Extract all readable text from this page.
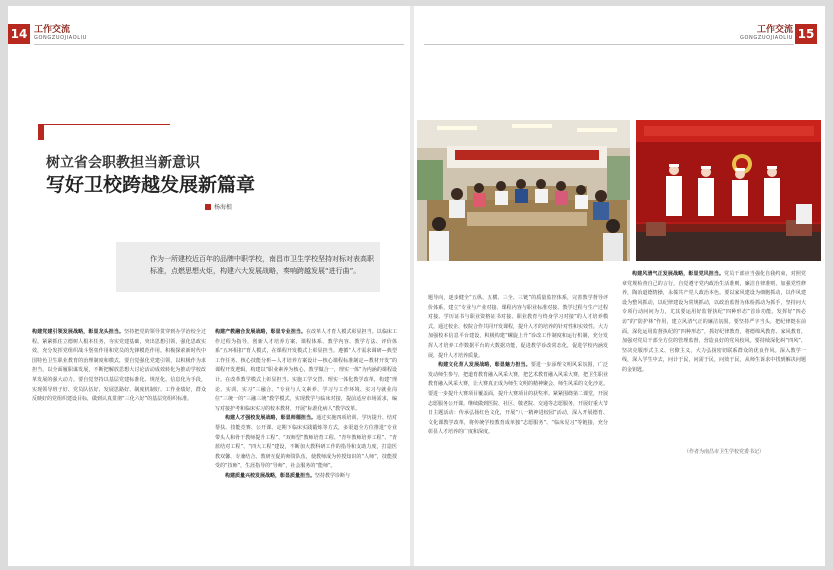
14 工作交流
GONGZUOJIAOLIU
树立省会职教担当新意识
写好卫校跨越发展新篇章
杨海根
作为一所建校近百年的品牌中职学校，南昌市卫生学校坚持对标对表高职标准，点燃思想火炬，构建六大发展战略，奏响跨越发展“进行曲”。
构建党建引领发展战略，彰显龙头担当。坚持把党的领导贯穿到办学治校全过程。紧紧抓住立德树人根本任务，夯实党建基础，突出思想引领，强化思政实效，充分发挥党组织战斗堡垒作用和党员的先锋模范作用。积极探索新时代中国特色卫生职业教育的治理制度和模式，要自觉强化党建引领，以积极作为求担当，以全面履职谋发展，不断把解放思想大讨论活动成效转化为推动学校改革发展的强大动力。要自觉坚持以基层党建标准化、规范化、信息化为手段，实现领导班子好、党员队伍好、发展思路好、制度机制好、工作业绩好，群众反映好的党组织建设目标，做到认真贯彻“三化六好”的基层党组织标准。
构建产教融合发展战略，彰显专业担当。在改革人才育人模式彰显担当。以临床工作过程为指导，创新人才培养方案、课程体系、教学内容、教学方法、评价体系“五环相扣”育人模式，在课程开发模式上彰显担当。遵循“人才需求调研—典型工作任务、核心技能分析—人才培养方案设计—核心课程标准制定—教材开发”的课程开发逻辑，构建以“职业素养为核心，教学做合一，理实一体”为内涵的课程设计。在改革教学模式上彰显担当。实施工学交替、理实一体化教学改革，构建“理论、实训、实习”三融合、“专业与人文素养、学习与工作环境、实习与就业岗位”三统一的“三融三统”教学模式，实现教学与临床对接，提前适应市场需求，编写对接护考和临床实习的校本教材，开展“标准化病人”教学改革。
构建人才强校发展战略，彰显师德担当。通过实施四项培训、学历提升、结对帮扶、技能竞赛、公开课、定期下临床实践锻炼等方式，多渠道全方位推进“专业带头人和骨干教师提升工程”、“双师型”教师培育工程、“青年教师培养工程”、“青蓝结对工程”、“四大工程”建设，不断加大教科研工作的指导和支助力度，打造医教双馨、专兼结合、教研互促的师资队伍，使教师成为传授知识的“人师”，技能授受的“技师”，生涯指导的“导师”，社会服务的“能师”。
构建质量兴校发展战略，彰显质量担当。坚持教学诊断与
工作交流
GONGZUOJIAOLIU 15
题导向，逐步健全“五纵、五横、三全、三链”的质量监控体系，完善教学督导评价体系，建立“专业与产业对接、课程内容与职业标准对接、教学过程与生产过程对接、学历证书与职业资格证书对接、职业教育与终身学习对接”的人才培养模式。通过校企、校院合作共同开发课程，提升人才的培养的针对性和实效性。大力加强校本信息平台建设，积极构建“螺旋上升”诊改工作制度和运行机制，充分发挥人才培养工作数据平台的大数据功能，促进教学诊改常态化，促进学校内涵发展，提升人才培养质量。
构建文化育人发展战略，彰显魅力担当。要进一步添理文明风采氛围，广泛发动师生参与，把道育教育融入风采大赛，把艺术教育融入风采大赛，把卫生职业教育融入风采大赛，让大赛真正成为师生文明的精神聚会、师生风采的文化沙龙。要进一步提升大赛项目覆盖面，提升大赛项目的获奖率。紧紧围绕第二课堂，开展志愿服务公开课。继续做到医院、社区、敬老院、交通等志愿服务，开展好重大节日主题活动：传承弘扬红色文化，开展“八一精神进校园”活动，深入开展德育、文化课教学改革，将传统学校教育成单独“志愿服务”、“临床见习”等链接，充分彰显人才培养的广度和深度。
构建风清气正发展战略，彰显党风担当。党员干部应当强化自我约束，对照党章党规检查自己的言行，自觉遵守党内政治生活准则，廉洁自律准则，加强党性修养，陶冶道德情操，永葆共产党人政治本色。要以家风建设为细胞抓动，以作风建设为整风抓动，以纪律建设为常规抓动，以政治监督为体检抓动为抓手，坚持问大专项行动问问为力，尤其要运用好监督执纪“四种形态”首诊功能。发挥好“四必访”的“防护林”作用，建立风清气正的廉洁氛围。要坚持严字当头，把纪律挺在前面，深化运用监督执纪的“四种形态”，抓好纪律教育，将德绵风教育、家风教育，加强对党员干部全方位的管理监督，营造良好的党风校风。要持续深化纠“四风”，坚决克服形式主义、官僚主义，大力弘扬密切联系群众的优良作风。深入教学一线，深入学生中去，问计于民，问需于民，问效于民，从师生诉求中找到解决问题的金钥匙。
（作者为南昌市卫生学校党委书记）
